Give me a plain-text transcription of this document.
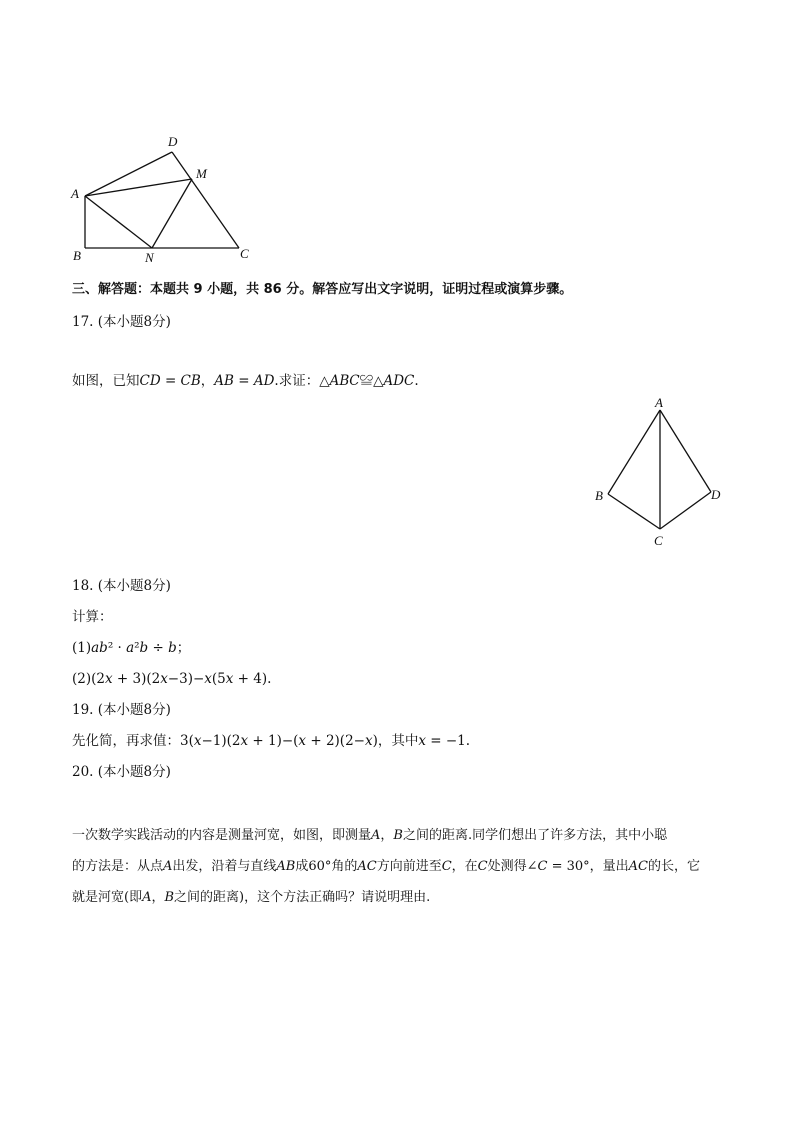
D
M
A
B	N	C
三、解答题：本题共 9 小题，共 86 分。解答应写出文字说明，证明过程或演算步骤。
17. (本小题8分)
如图，已知𝐶𝐷 = 𝐶𝐵，𝐴𝐵 = 𝐴𝐷.求证：△𝐴𝐵𝐶≌△𝐴𝐷𝐶.
A
B	D
C
18. (本小题8分)
计算：
(1)𝑎𝑏² · 𝑎²𝑏 ÷ 𝑏；
(2)(2𝑥 + 3)(2𝑥−3)−𝑥(5𝑥 + 4).
19. (本小题8分)
先化简，再求值：3(𝑥−1)(2𝑥 + 1)−(𝑥 + 2)(2−𝑥)，其中𝑥 = −1.
20. (本小题8分)
一次数学实践活动的内容是测量河宽，如图，即测量𝐴，𝐵之间的距离.同学们想出了许多方法，其中小聪
的方法是：从点𝐴出发，沿着与直线𝐴𝐵成60°角的𝐴𝐶方向前进至𝐶，在𝐶处测得∠𝐶 = 30°，量出𝐴𝐶的长，它
就是河宽(即𝐴，𝐵之间的距离)，这个方法正确吗？请说明理由.
